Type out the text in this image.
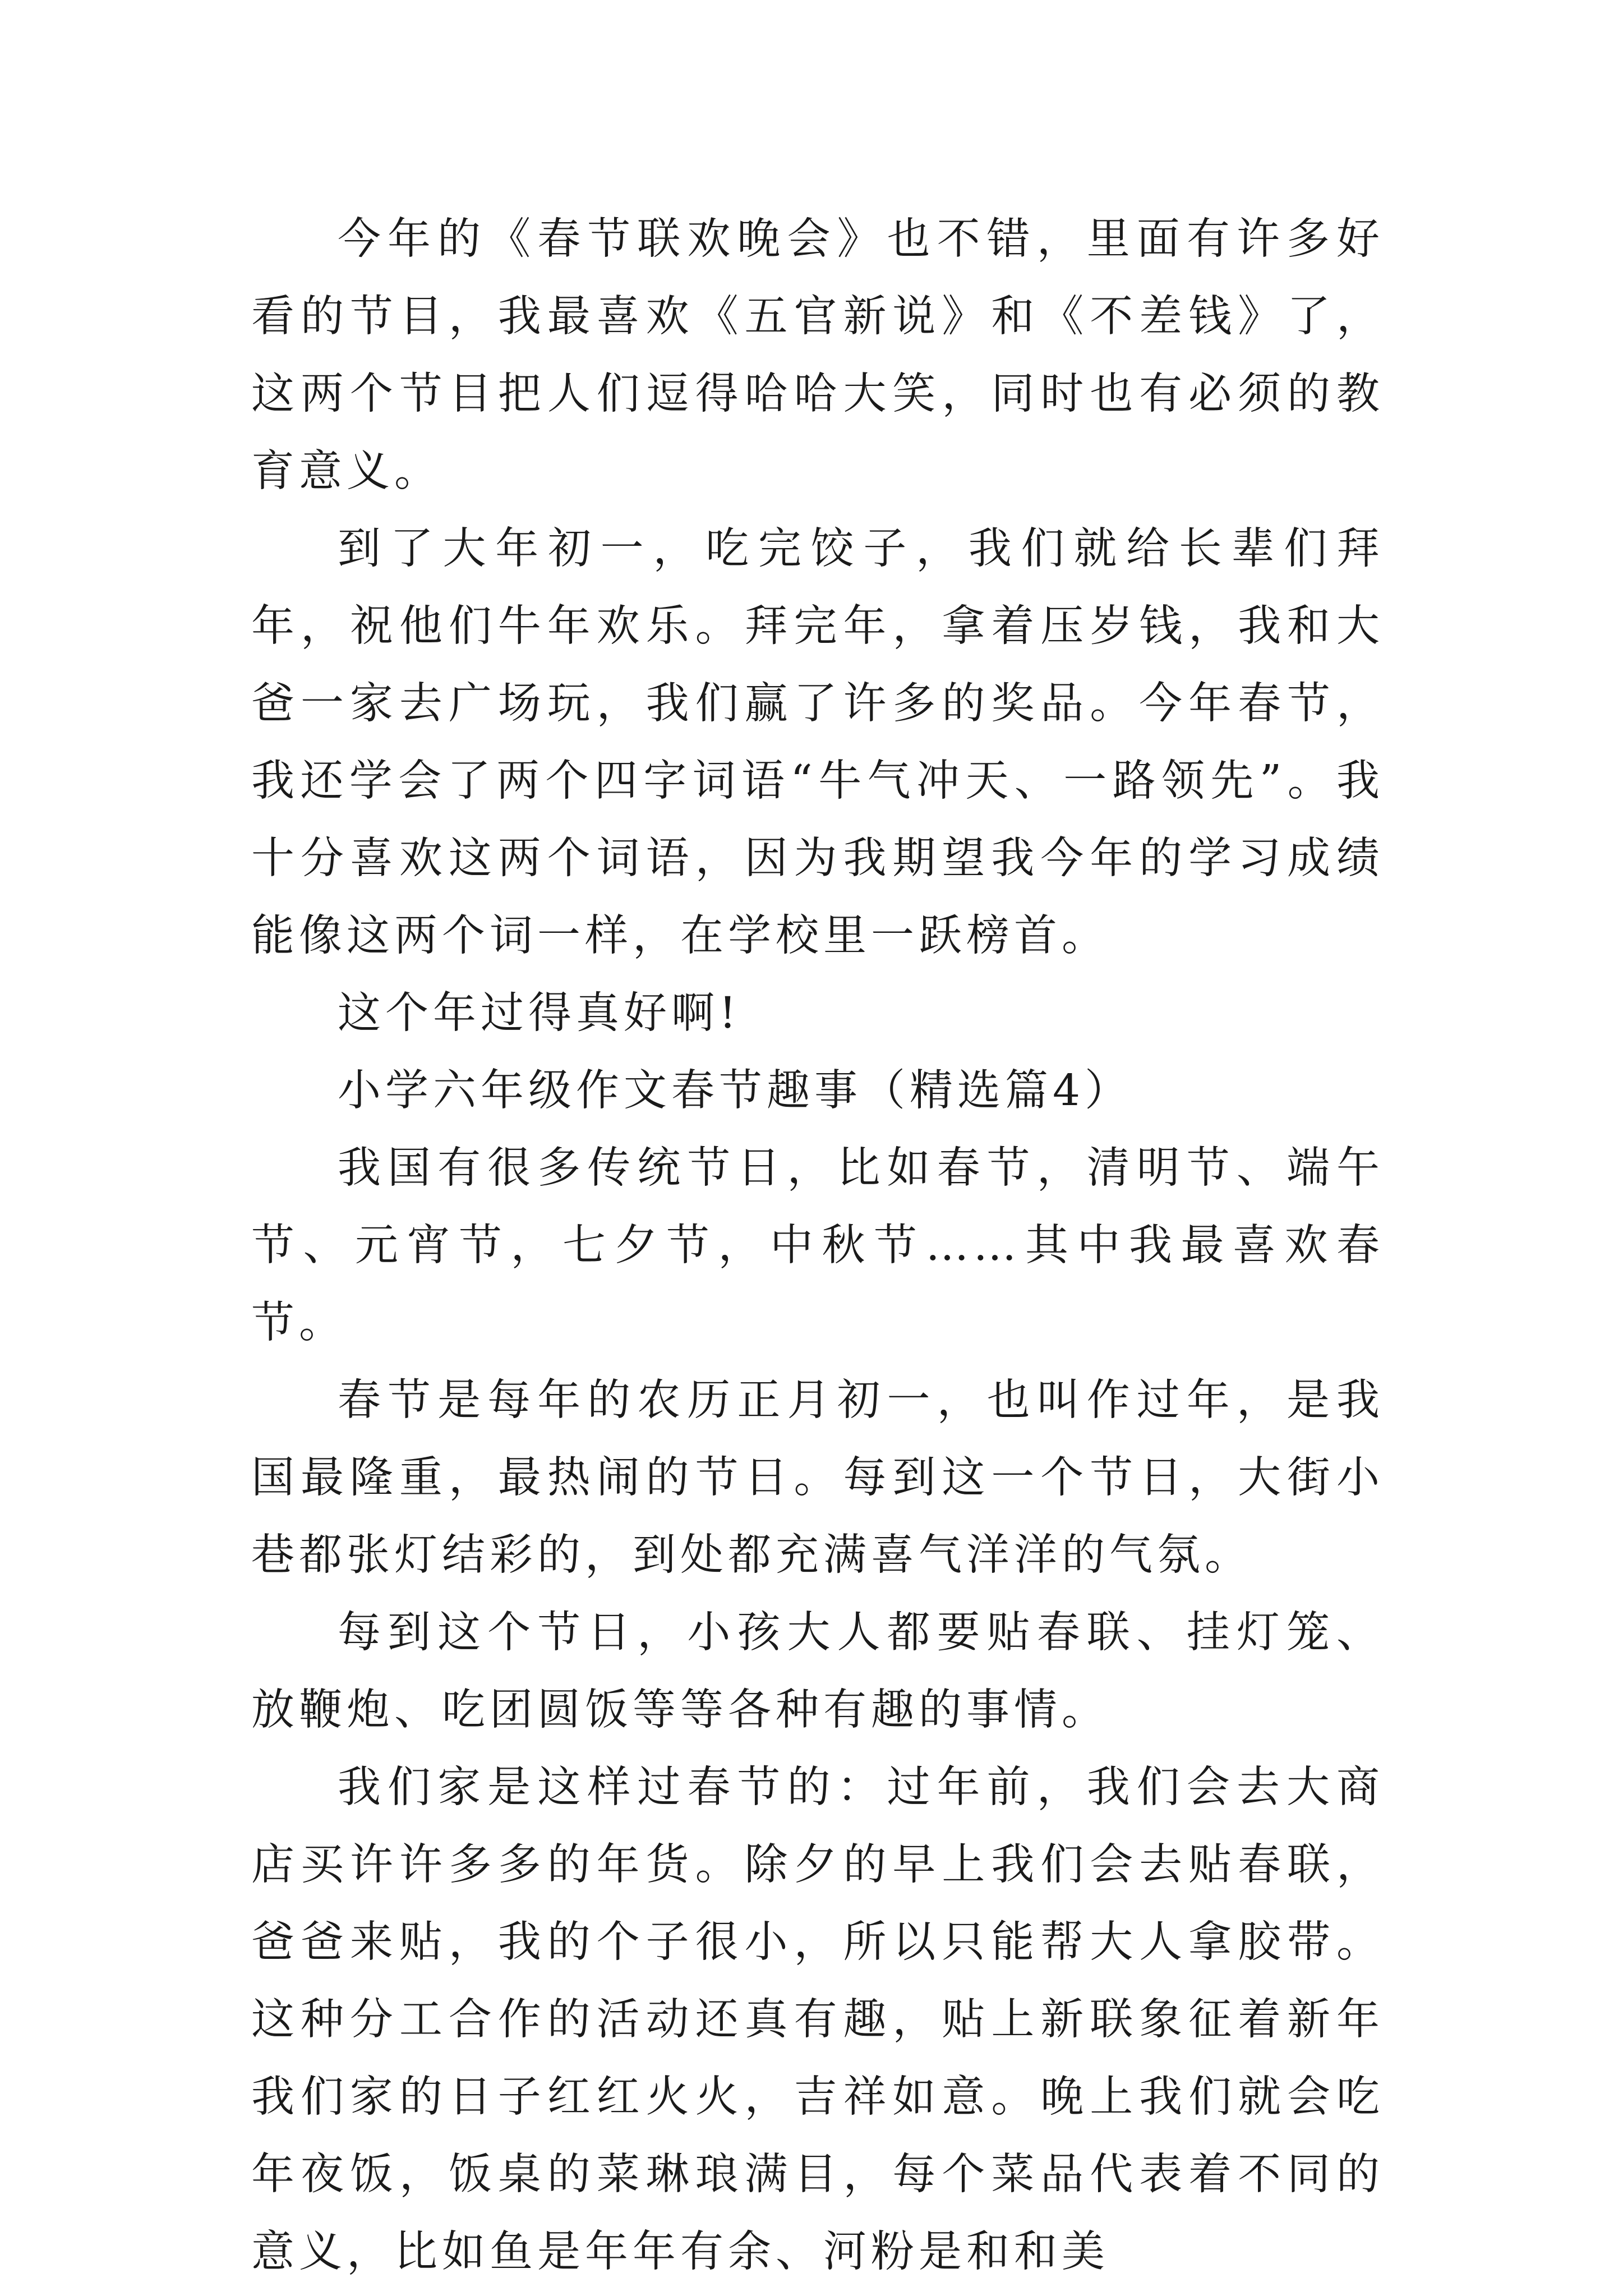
今年的《春节联欢晚会》也不错，里面有许多好看的节目，我最喜欢《五官新说》和《不差钱》了，这两个节目把人们逗得哈哈大笑，同时也有必须的教育意义。

到了大年初一，吃完饺子，我们就给长辈们拜年，祝他们牛年欢乐。拜完年，拿着压岁钱，我和大爸一家去广场玩，我们赢了许多的奖品。今年春节，我还学会了两个四字词语“牛气冲天、一路领先”。我十分喜欢这两个词语，因为我期望我今年的学习成绩能像这两个词一样，在学校里一跃榜首。

这个年过得真好啊!

小学六年级作文春节趣事（精选篇4）

我国有很多传统节日，比如春节，清明节、端午节、元宵节，七夕节，中秋节……其中我最喜欢春节。

春节是每年的农历正月初一，也叫作过年，是我国最隆重，最热闹的节日。每到这一个节日，大街小巷都张灯结彩的，到处都充满喜气洋洋的气氛。

每到这个节日，小孩大人都要贴春联、挂灯笼、放鞭炮、吃团圆饭等等各种有趣的事情。

我们家是这样过春节的：过年前，我们会去大商店买许许多多的年货。除夕的早上我们会去贴春联，爸爸来贴，我的个子很小，所以只能帮大人拿胶带。这种分工合作的活动还真有趣，贴上新联象征着新年我们家的日子红红火火，吉祥如意。晚上我们就会吃年夜饭，饭桌的菜琳琅满目，每个菜品代表着不同的意义，比如鱼是年年有余、河粉是和和美
